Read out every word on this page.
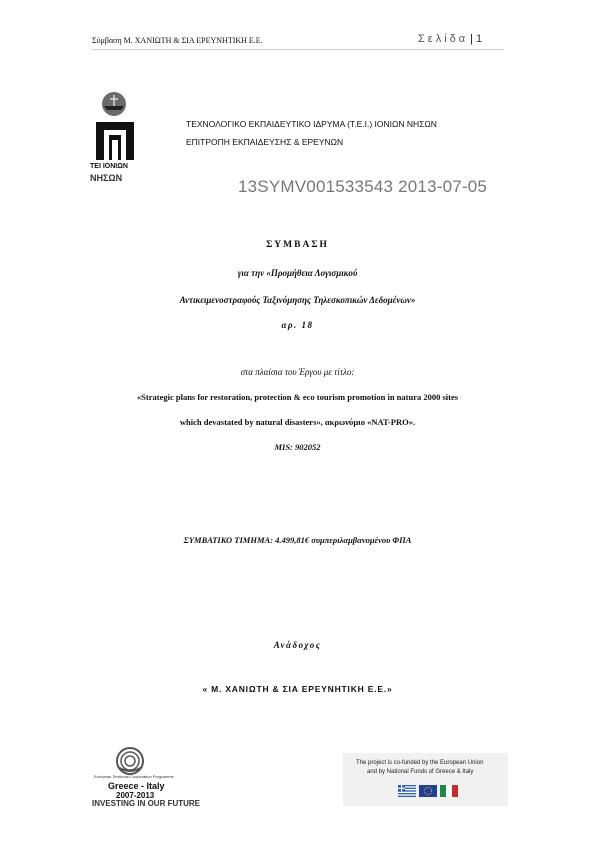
Σύμβαση Μ. ΧΑΝΙΩΤΗ & ΣΙΑ ΕΡΕΥΝΗΤΙΚΗ Ε.Ε.	Σελίδα | 1
ΤΕΙ ΙΟΝΙΩΝ
ΝΗΣΩΝ
ΤΕΧΝΟΛΟΓΙΚΟ ΕΚΠΑΙΔΕΥΤΙΚΟ ΙΔΡΥΜΑ (Τ.Ε.Ι.) ΙΟΝΙΩΝ ΝΗΣΩΝ
ΕΠΙΤΡΟΠΗ ΕΚΠΑΙΔΕΥΣΗΣ & ΕΡΕΥΝΩΝ
13SYMV001533543 2013-07-05
ΣΥΜΒΑΣΗ
για την «Προμήθεια Λογισμικού
Αντικειμενοστραφούς Ταξινόμησης Τηλεσκοπικών Δεδομένων»
αρ. 18
στα πλαίσια του Έργου με τίτλο:
«Strategic plans for restoration, protection & eco tourism promotion in natura 2000 sites
which devastated by natural disasters», ακρωνύμιο «NAT-PRO».
MIS: 902052
ΣΥΜΒΑΤΙΚΟ ΤΙΜΗΜΑ: 4.499,81€ συμπεριλαμβανομένου ΦΠΑ
Ανάδοχος
« Μ. ΧΑΝΙΩΤΗ & ΣΙΑ ΕΡΕΥΝΗΤΙΚΗ Ε.Ε.»
European Territorial Cooperation Programme
Greece - Italy
2007-2013
INVESTING IN OUR FUTURE
The project is co-funded by the European Union
and by National Funds of Greece & Italy
